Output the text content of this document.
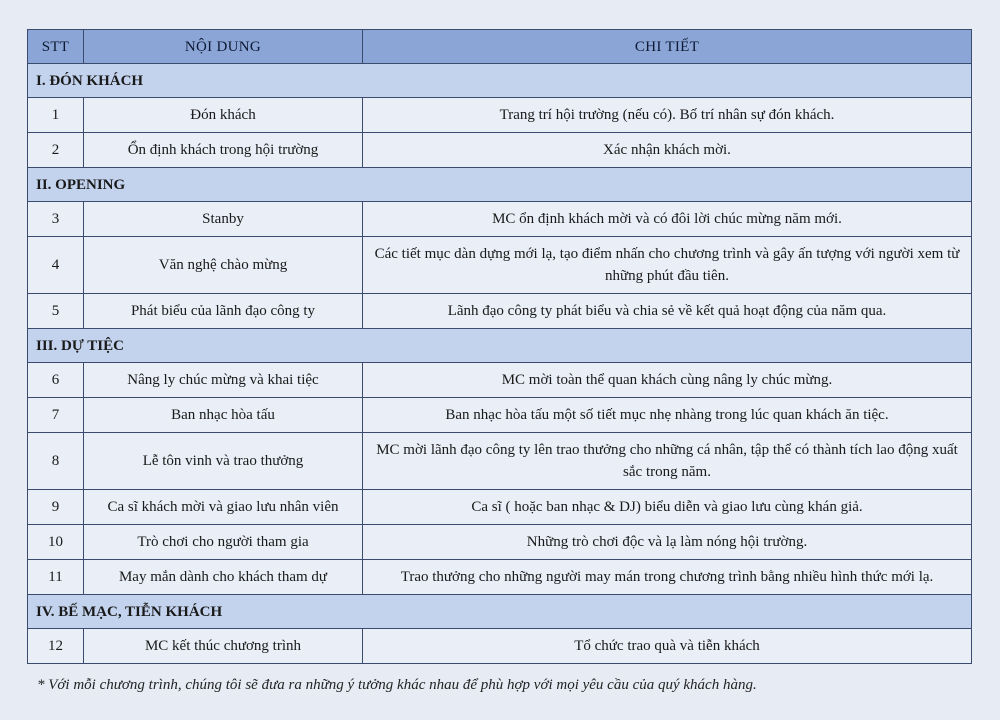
STT	NỘI DUNG	CHI TIẾT
I. ĐÓN KHÁCH		
1	Đón khách	Trang trí hội trường (nếu có). Bố trí nhân sự đón khách.
2	Ổn định khách trong hội trường	Xác nhận khách mời.
II. OPENING		
3	Stanby	MC ổn định khách mời và có đôi lời chúc mừng năm mới.
4	Văn nghệ chào mừng	Các tiết mục dàn dựng mới lạ, tạo điểm nhấn cho chương trình và gây ấn tượng với người xem từ những phút đầu tiên.
5	Phát biểu của lãnh đạo công ty	Lãnh đạo công ty phát biểu và chia sẻ về kết quả hoạt động của năm qua.
III. DỰ TIỆC		
6	Nâng ly chúc mừng và khai tiệc	MC mời toàn thể quan khách cùng nâng ly chúc mừng.
7	Ban nhạc hòa tấu	Ban nhạc hòa tấu một số tiết mục nhẹ nhàng trong lúc quan khách ăn tiệc.
8	Lễ tôn vinh và trao thưởng	MC mời lãnh đạo công ty lên trao thưởng cho những cá nhân, tập thể có thành tích lao động xuất sắc trong năm.
9	Ca sĩ khách mời và giao lưu nhân viên	Ca sĩ ( hoặc ban nhạc & DJ) biểu diễn và giao lưu cùng khán giả.
10	Trò chơi cho người tham gia	Những trò chơi độc và lạ làm nóng hội trường.
11	May mắn dành cho khách tham dự	Trao thưởng cho những người may mán trong chương trình bằng nhiều hình thức mới lạ.
IV. BẾ MẠC, TIỄN KHÁCH		
12	MC kết thúc chương trình	Tổ chức trao quà và tiễn khách
* Với mỗi chương trình, chúng tôi sẽ đưa ra những ý tưởng khác nhau để phù hợp với mọi yêu cầu của quý khách hàng.
